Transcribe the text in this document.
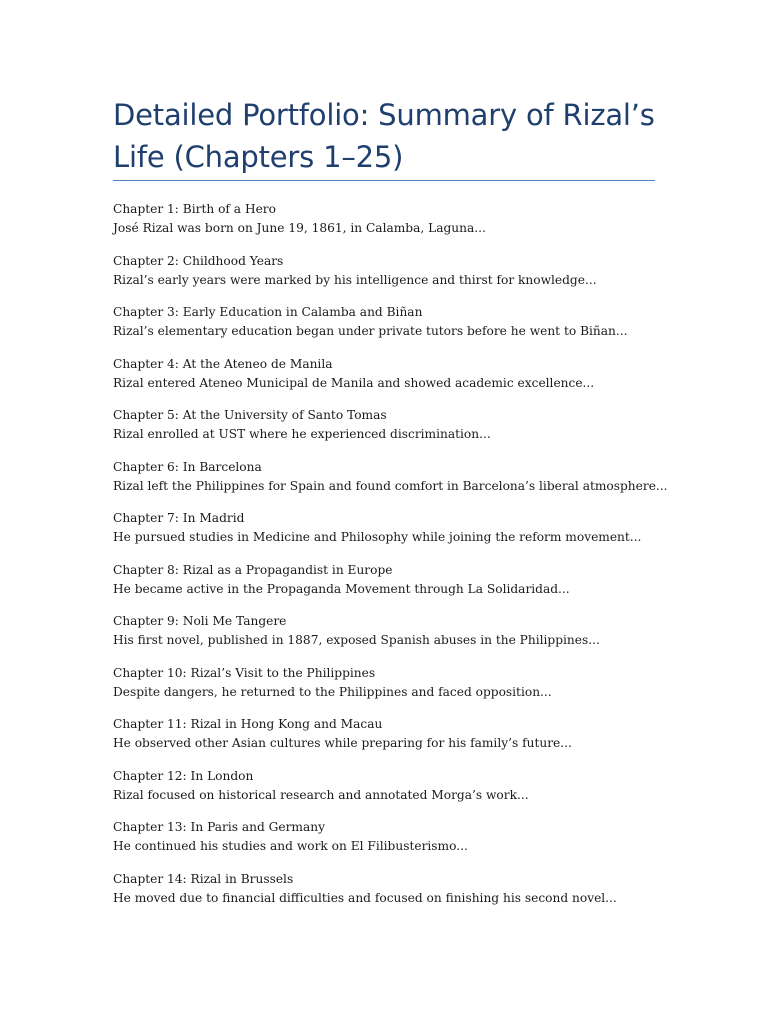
Detailed Portfolio: Summary of Rizal’s Life (Chapters 1–25)
Chapter 1: Birth of a Hero
José Rizal was born on June 19, 1861, in Calamba, Laguna...
Chapter 2: Childhood Years
Rizal’s early years were marked by his intelligence and thirst for knowledge...
Chapter 3: Early Education in Calamba and Biñan
Rizal’s elementary education began under private tutors before he went to Biñan...
Chapter 4: At the Ateneo de Manila
Rizal entered Ateneo Municipal de Manila and showed academic excellence...
Chapter 5: At the University of Santo Tomas
Rizal enrolled at UST where he experienced discrimination...
Chapter 6: In Barcelona
Rizal left the Philippines for Spain and found comfort in Barcelona’s liberal atmosphere...
Chapter 7: In Madrid
He pursued studies in Medicine and Philosophy while joining the reform movement...
Chapter 8: Rizal as a Propagandist in Europe
He became active in the Propaganda Movement through La Solidaridad...
Chapter 9: Noli Me Tangere
His first novel, published in 1887, exposed Spanish abuses in the Philippines...
Chapter 10: Rizal’s Visit to the Philippines
Despite dangers, he returned to the Philippines and faced opposition...
Chapter 11: Rizal in Hong Kong and Macau
He observed other Asian cultures while preparing for his family’s future...
Chapter 12: In London
Rizal focused on historical research and annotated Morga’s work...
Chapter 13: In Paris and Germany
He continued his studies and work on El Filibusterismo...
Chapter 14: Rizal in Brussels
He moved due to financial difficulties and focused on finishing his second novel...
